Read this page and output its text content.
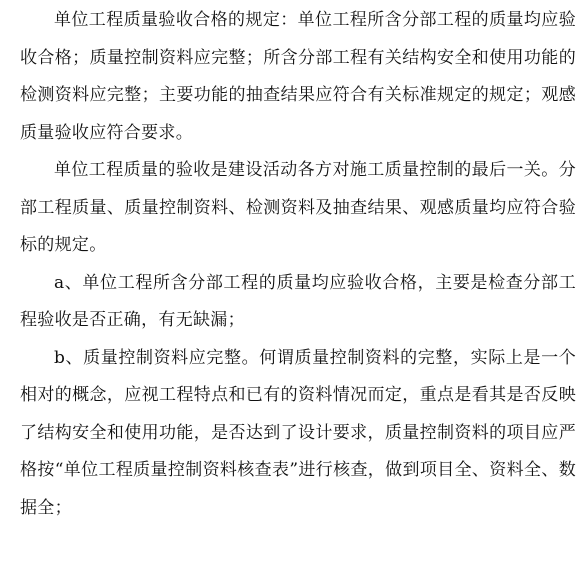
单位工程质量验收合格的规定：单位工程所含分部工程的质量均应验收合格；质量控制资料应完整；所含分部工程有关结构安全和使用功能的检测资料应完整；主要功能的抽查结果应符合有关标准规定的规定；观感质量验收应符合要求。

单位工程质量的验收是建设活动各方对施工质量控制的最后一关。分部工程质量、质量控制资料、检测资料及抽查结果、观感质量均应符合验标的规定。

a、单位工程所含分部工程的质量均应验收合格，主要是检查分部工程验收是否正确，有无缺漏；

b、质量控制资料应完整。何谓质量控制资料的完整，实际上是一个相对的概念，应视工程特点和已有的资料情况而定，重点是看其是否反映了结构安全和使用功能，是否达到了设计要求，质量控制资料的项目应严格按“单位工程质量控制资料核查表”进行核查，做到项目全、资料全、数据全；
